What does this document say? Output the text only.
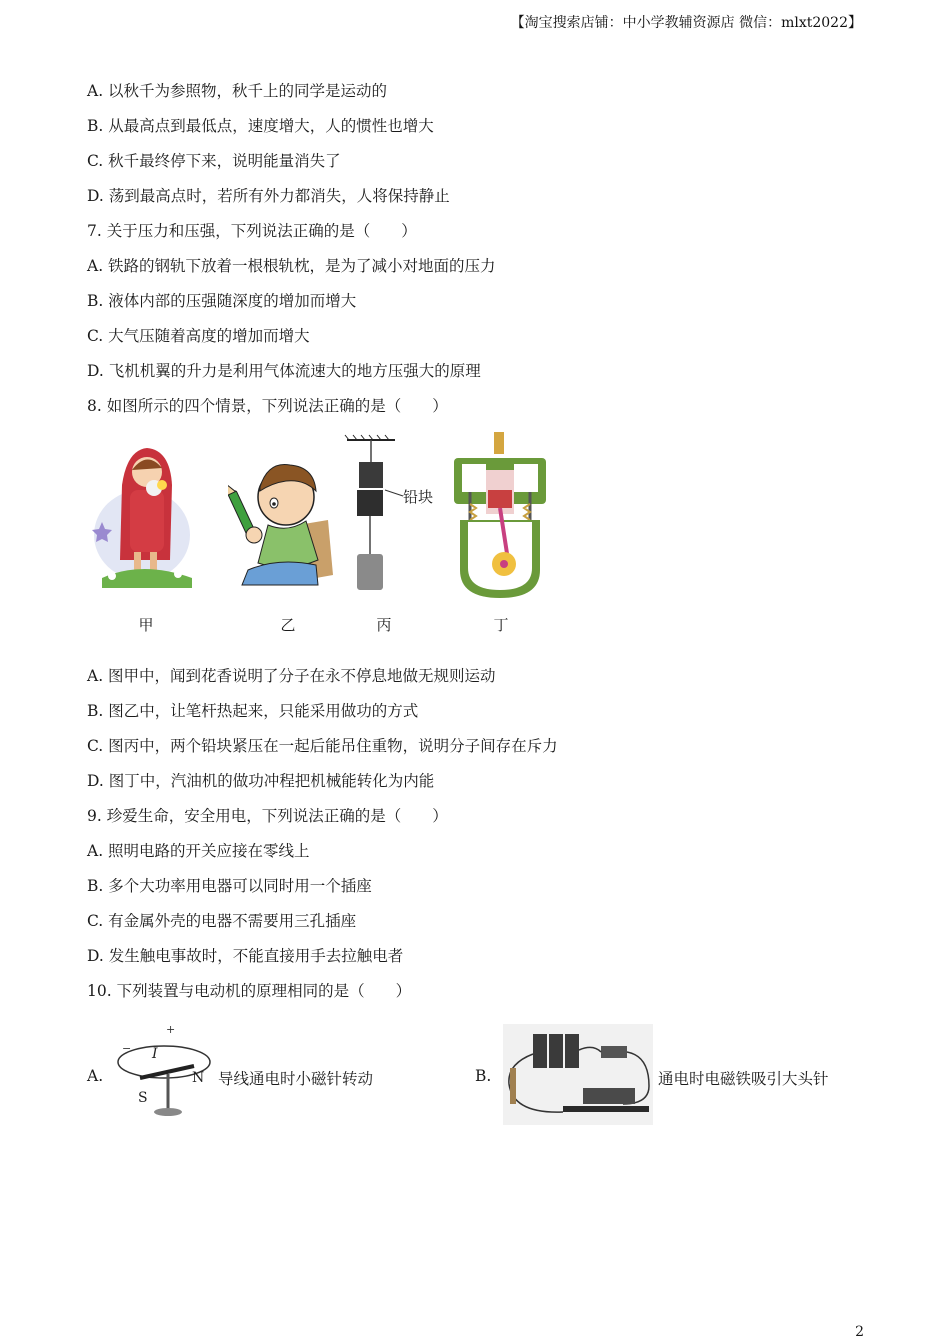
【淘宝搜索店铺：中小学教辅资源店 微信：mlxt2022】
A. 以秋千为参照物，秋千上的同学是运动的
B. 从最高点到最低点，速度增大，人的惯性也增大
C. 秋千最终停下来，说明能量消失了
D. 荡到最高点时，若所有外力都消失，人将保持静止
7. 关于压力和压强，下列说法正确的是（　　）
A. 铁路的钢轨下放着一根根轨枕，是为了减小对地面的压力
B. 液体内部的压强随深度的增加而增大
C. 大气压随着高度的增加而增大
D. 飞机机翼的升力是利用气体流速大的地方压强大的原理
8. 如图所示的四个情景，下列说法正确的是（　　）
铅块
甲	乙	丙	丁
A. 图甲中，闻到花香说明了分子在永不停息地做无规则运动
B. 图乙中，让笔杆热起来，只能采用做功的方式
C. 图丙中，两个铅块紧压在一起后能吊住重物，说明分子间存在斥力
D. 图丁中，汽油机的做功冲程把机械能转化为内能
9. 珍爱生命，安全用电，下列说法正确的是（　　）
A. 照明电路的开关应接在零线上
B. 多个大功率用电器可以同时用一个插座
C. 有金属外壳的电器不需要用三孔插座
D. 发生触电事故时，不能直接用手去拉触电者
10. 下列装置与电动机的原理相同的是（　　）
A.
+
− I
N
S
导线通电时小磁针转动	B.	通电时电磁铁吸引大头针
2
